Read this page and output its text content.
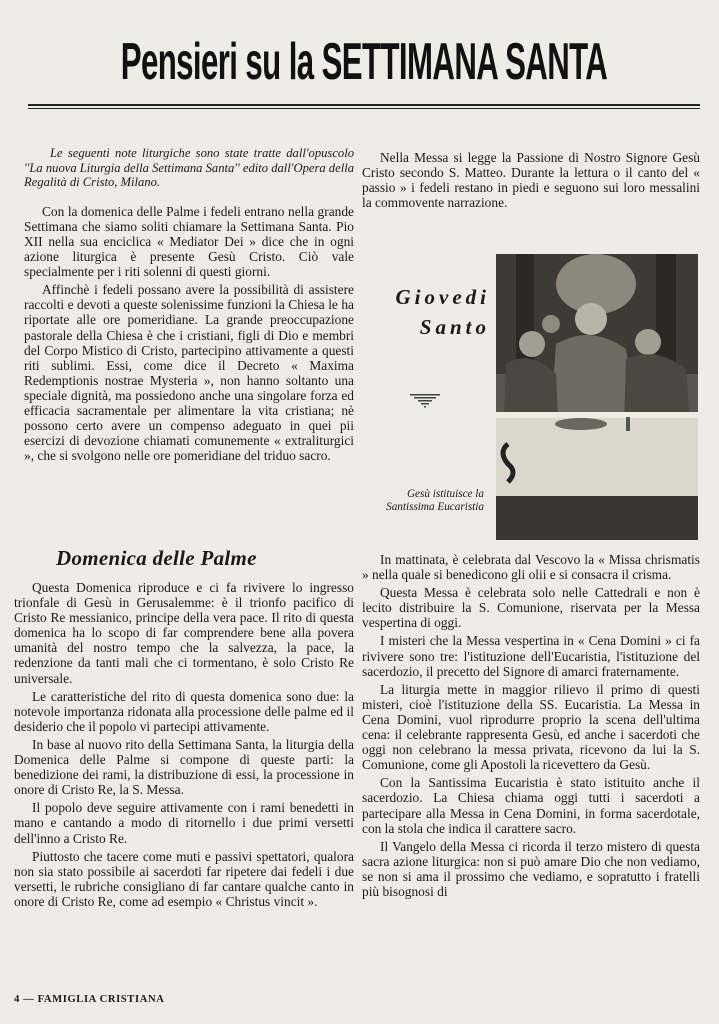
Pensieri su la SETTIMANA SANTA

Le seguenti note liturgiche sono state tratte dall'opuscolo ''La nuova Liturgia della Settimana Santa'' edito dall'Opera della Regalità di Cristo, Milano.

Con la domenica delle Palme i fedeli entrano nella grande Settimana che siamo soliti chiamare la Settimana Santa. Pio XII nella sua enciclica « Mediator Dei » dice che in ogni azione liturgica è presente Gesù Cristo. Ciò vale specialmente per i riti solenni di questi giorni.

Affinchè i fedeli possano avere la possibilità di assistere raccolti e devoti a queste solenissime funzioni la Chiesa le ha riportate alle ore pomeridiane. La grande preoccupazione pastorale della Chiesa è che i cristiani, figli di Dio e membri del Corpo Mistico di Cristo, partecipino attivamente a questi riti sublimi. Essi, come dice il Decreto « Maxima Redemptionis nostrae Mysteria », non hanno soltanto una speciale dignità, ma possiedono anche una singolare forza ed efficacia sacramentale per alimentare la vita cristiana; nè possono certo avere un compenso adeguato in quei pii esercizi di devozione chiamati comunemente « extraliturgici », che si svolgono nelle ore pomeridiane del triduo sacro.

Domenica delle Palme

Questa Domenica riproduce e ci fa rivivere lo ingresso trionfale di Gesù in Gerusalemme: è il trionfo pacifico di Cristo Re messianico, principe della vera pace. Il rito di questa domenica ha lo scopo di far comprendere bene alla povera umanità del nostro tempo che la salvezza, la pace, la redenzione da tanti mali che ci tormentano, è solo Cristo Re universale.

Le caratteristiche del rito di questa domenica sono due: la notevole importanza ridonata alla processione delle palme ed il desiderio che il popolo vi partecipi attivamente.

In base al nuovo rito della Settimana Santa, la liturgia della Domenica delle Palme si compone di queste parti: la benedizione dei rami, la distribuzione di essi, la processione in onore di Cristo Re, la S. Messa.

Il popolo deve seguire attivamente con i rami benedetti in mano e cantando a modo di ritornello i due primi versetti dell'inno a Cristo Re.

Piuttosto che tacere come muti e passivi spettatori, qualora non sia stato possibile ai sacerdoti far ripetere dai fedeli i due versetti, le rubriche consigliano di far cantare qualche canto in onore di Cristo Re, come ad esempio « Christus vincit ».

Nella Messa si legge la Passione di Nostro Signore Gesù Cristo secondo S. Matteo. Durante la lettura o il canto del « passio » i fedeli restano in piedi e seguono sui loro messalini la commovente narrazione.

Giovedi
Santo
Gesù istituisce la Santissima Eucaristia

In mattinata, è celebrata dal Vescovo la « Missa chrismatis » nella quale si benedicono gli olii e si consacra il crisma.

Questa Messa è celebrata solo nelle Cattedrali e non è lecito distribuire la S. Comunione, riservata per la Messa vespertina di oggi.

I misteri che la Messa vespertina in « Cena Domini » ci fa rivivere sono tre: l'istituzione dell'Eucaristia, l'istituzione del sacerdozio, il precetto del Signore di amarci fraternamente.

La liturgia mette in maggior rilievo il primo di questi misteri, cioè l'istituzione della SS. Eucaristia. La Messa in Cena Domini, vuol riprodurre proprio la scena dell'ultima cena: il celebrante rappresenta Gesù, ed anche i sacerdoti che oggi non celebrano la messa privata, ricevono da lui la S. Comunione, come gli Apostoli la ricevettero da Gesù.

Con la Santissima Eucaristia è stato istituito anche il sacerdozio. La Chiesa chiama oggi tutti i sacerdoti a partecipare alla Messa in Cena Domini, in forma sacerdotale, con la stola che indica il carattere sacro.

Il Vangelo della Messa ci ricorda il terzo mistero di questa sacra azione liturgica: non si può amare Dio che non vediamo, se non si ama il prossimo che vediamo, e sopratutto i fratelli più bisognosi di

4 — FAMIGLIA CRISTIANA
